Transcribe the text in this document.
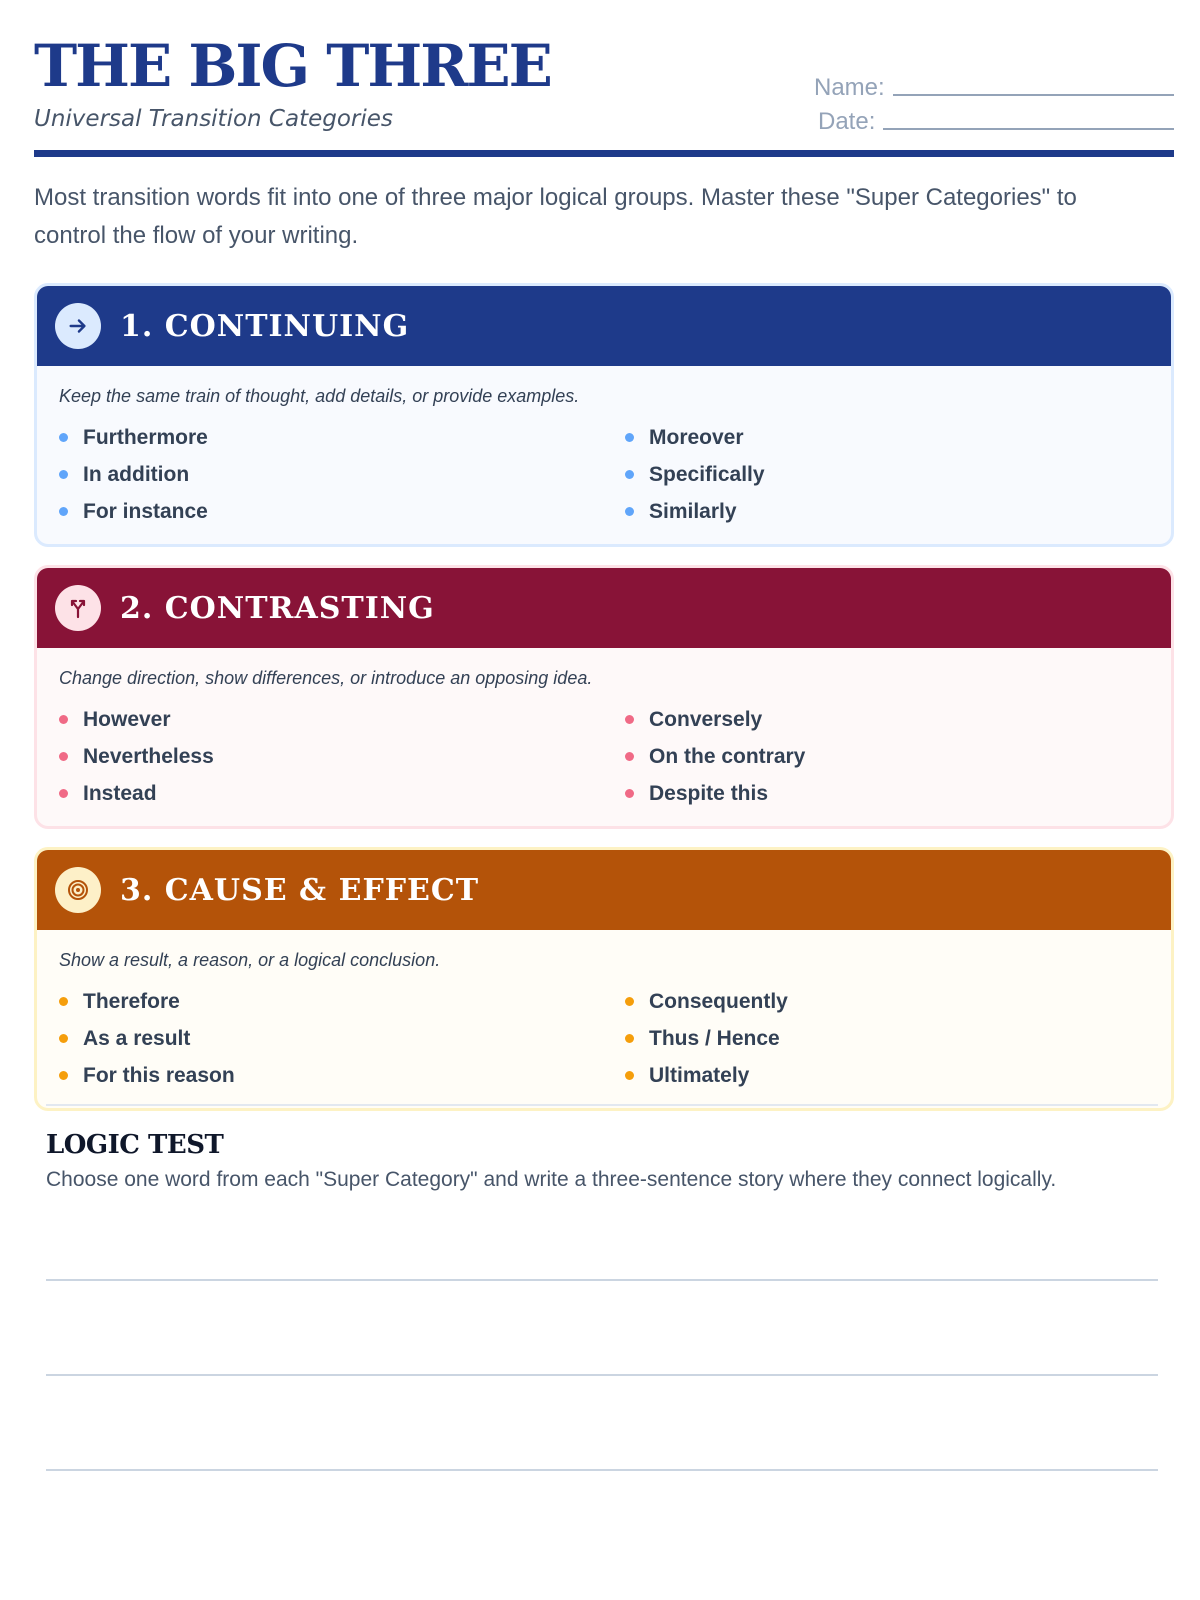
THE BIG THREE
Universal Transition Categories
Name:
Date:

Most transition words fit into one of three major logical groups. Master these "Super Categories" to control the flow of your writing.

1. CONTINUING
Keep the same train of thought, add details, or provide examples.
Furthermore	Moreover
In addition	Specifically
For instance	Similarly
2. CONTRASTING
Change direction, show differences, or introduce an opposing idea.
However	Conversely
Nevertheless	On the contrary
Instead	Despite this
3. CAUSE & EFFECT
Show a result, a reason, or a logical conclusion.
Therefore	Consequently
As a result	Thus / Hence
For this reason	Ultimately
LOGIC TEST
Choose one word from each "Super Category" and write a three-sentence story where they connect logically.
